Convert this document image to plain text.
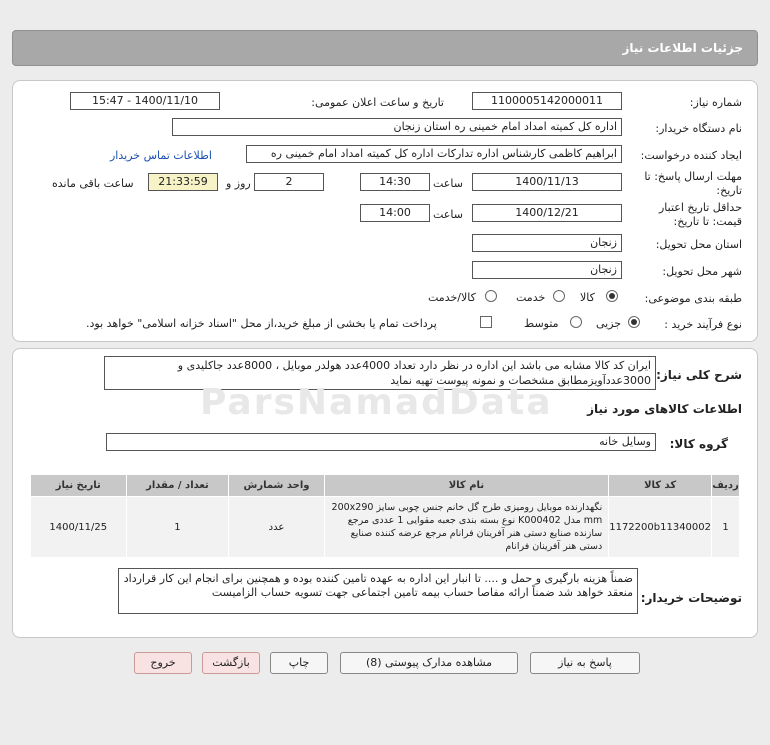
جزئیات اطلاعات نیاز
شماره نیاز:
1100005142000011
تاریخ و ساعت اعلان عمومی:
1400/11/10 - 15:47
نام دستگاه خریدار:
اداره کل کمیته امداد امام خمینی ره استان زنجان
ایجاد کننده درخواست:
ابراهیم کاظمی کارشناس اداره تداركات اداره کل کمیته امداد امام خمینی ره
اطلاعات تماس خریدار
مهلت ارسال پاسخ: تا
تاریخ:
1400/11/13
ساعت
14:30
2
روز و
21:33:59
ساعت باقی مانده
حداقل تاریخ اعتبار
قیمت: تا تاریخ:
1400/12/21
ساعت
14:00
استان محل تحویل:
زنجان
شهر محل تحویل:
زنجان
طبقه بندی موضوعی:
کالا
خدمت
کالا/خدمت
نوع فرآیند خرید :
جزیی
متوسط
پرداخت تمام یا بخشی از مبلغ خرید،از محل "اسناد خزانه اسلامی" خواهد بود.
شرح کلی نیاز:
ایران کد کالا مشابه می باشد این اداره در نظر دارد تعداد 4000عدد هولدر موبایل ، 8000عدد جاکلیدی و 3000عددآویزمطابق مشخصات و نمونه پیوست تهیه نماید
ParsNamadData	اطلاعات کالاهای مورد نیاز
گروه کالا:
وسایل خانه
ردیف	کد کالا	نام کالا	واحد شمارش	تعداد / مقدار	تاریخ نیاز
1	1172200b11340002	نگهدارنده موبایل رومیزی طرح گل خانم جنس چوبی سایز 200x290 mm مدل K000402 نوع بسته بندی جعبه مقوایی 1 عددی مرجع سازنده صنایع دستی هنر آفرینان فرانام مرجع عرضه کننده صنایع دستی هنر آفرینان فرانام	عدد	1	1400/11/25
توضیحات خریدار:
ضمناً هزینه بارگیری و حمل و .... تا انبار این اداره به عهده تامین کننده بوده و همچنین برای انجام این کار قرارداد منعقد خواهد شد ضمناً ارائه مفاصا حساب بیمه تامین اجتماعی جهت تسویه حساب الزامیست
پاسخ به نیاز
مشاهده مدارک پیوستی (8)
چاپ
بازگشت
خروج
